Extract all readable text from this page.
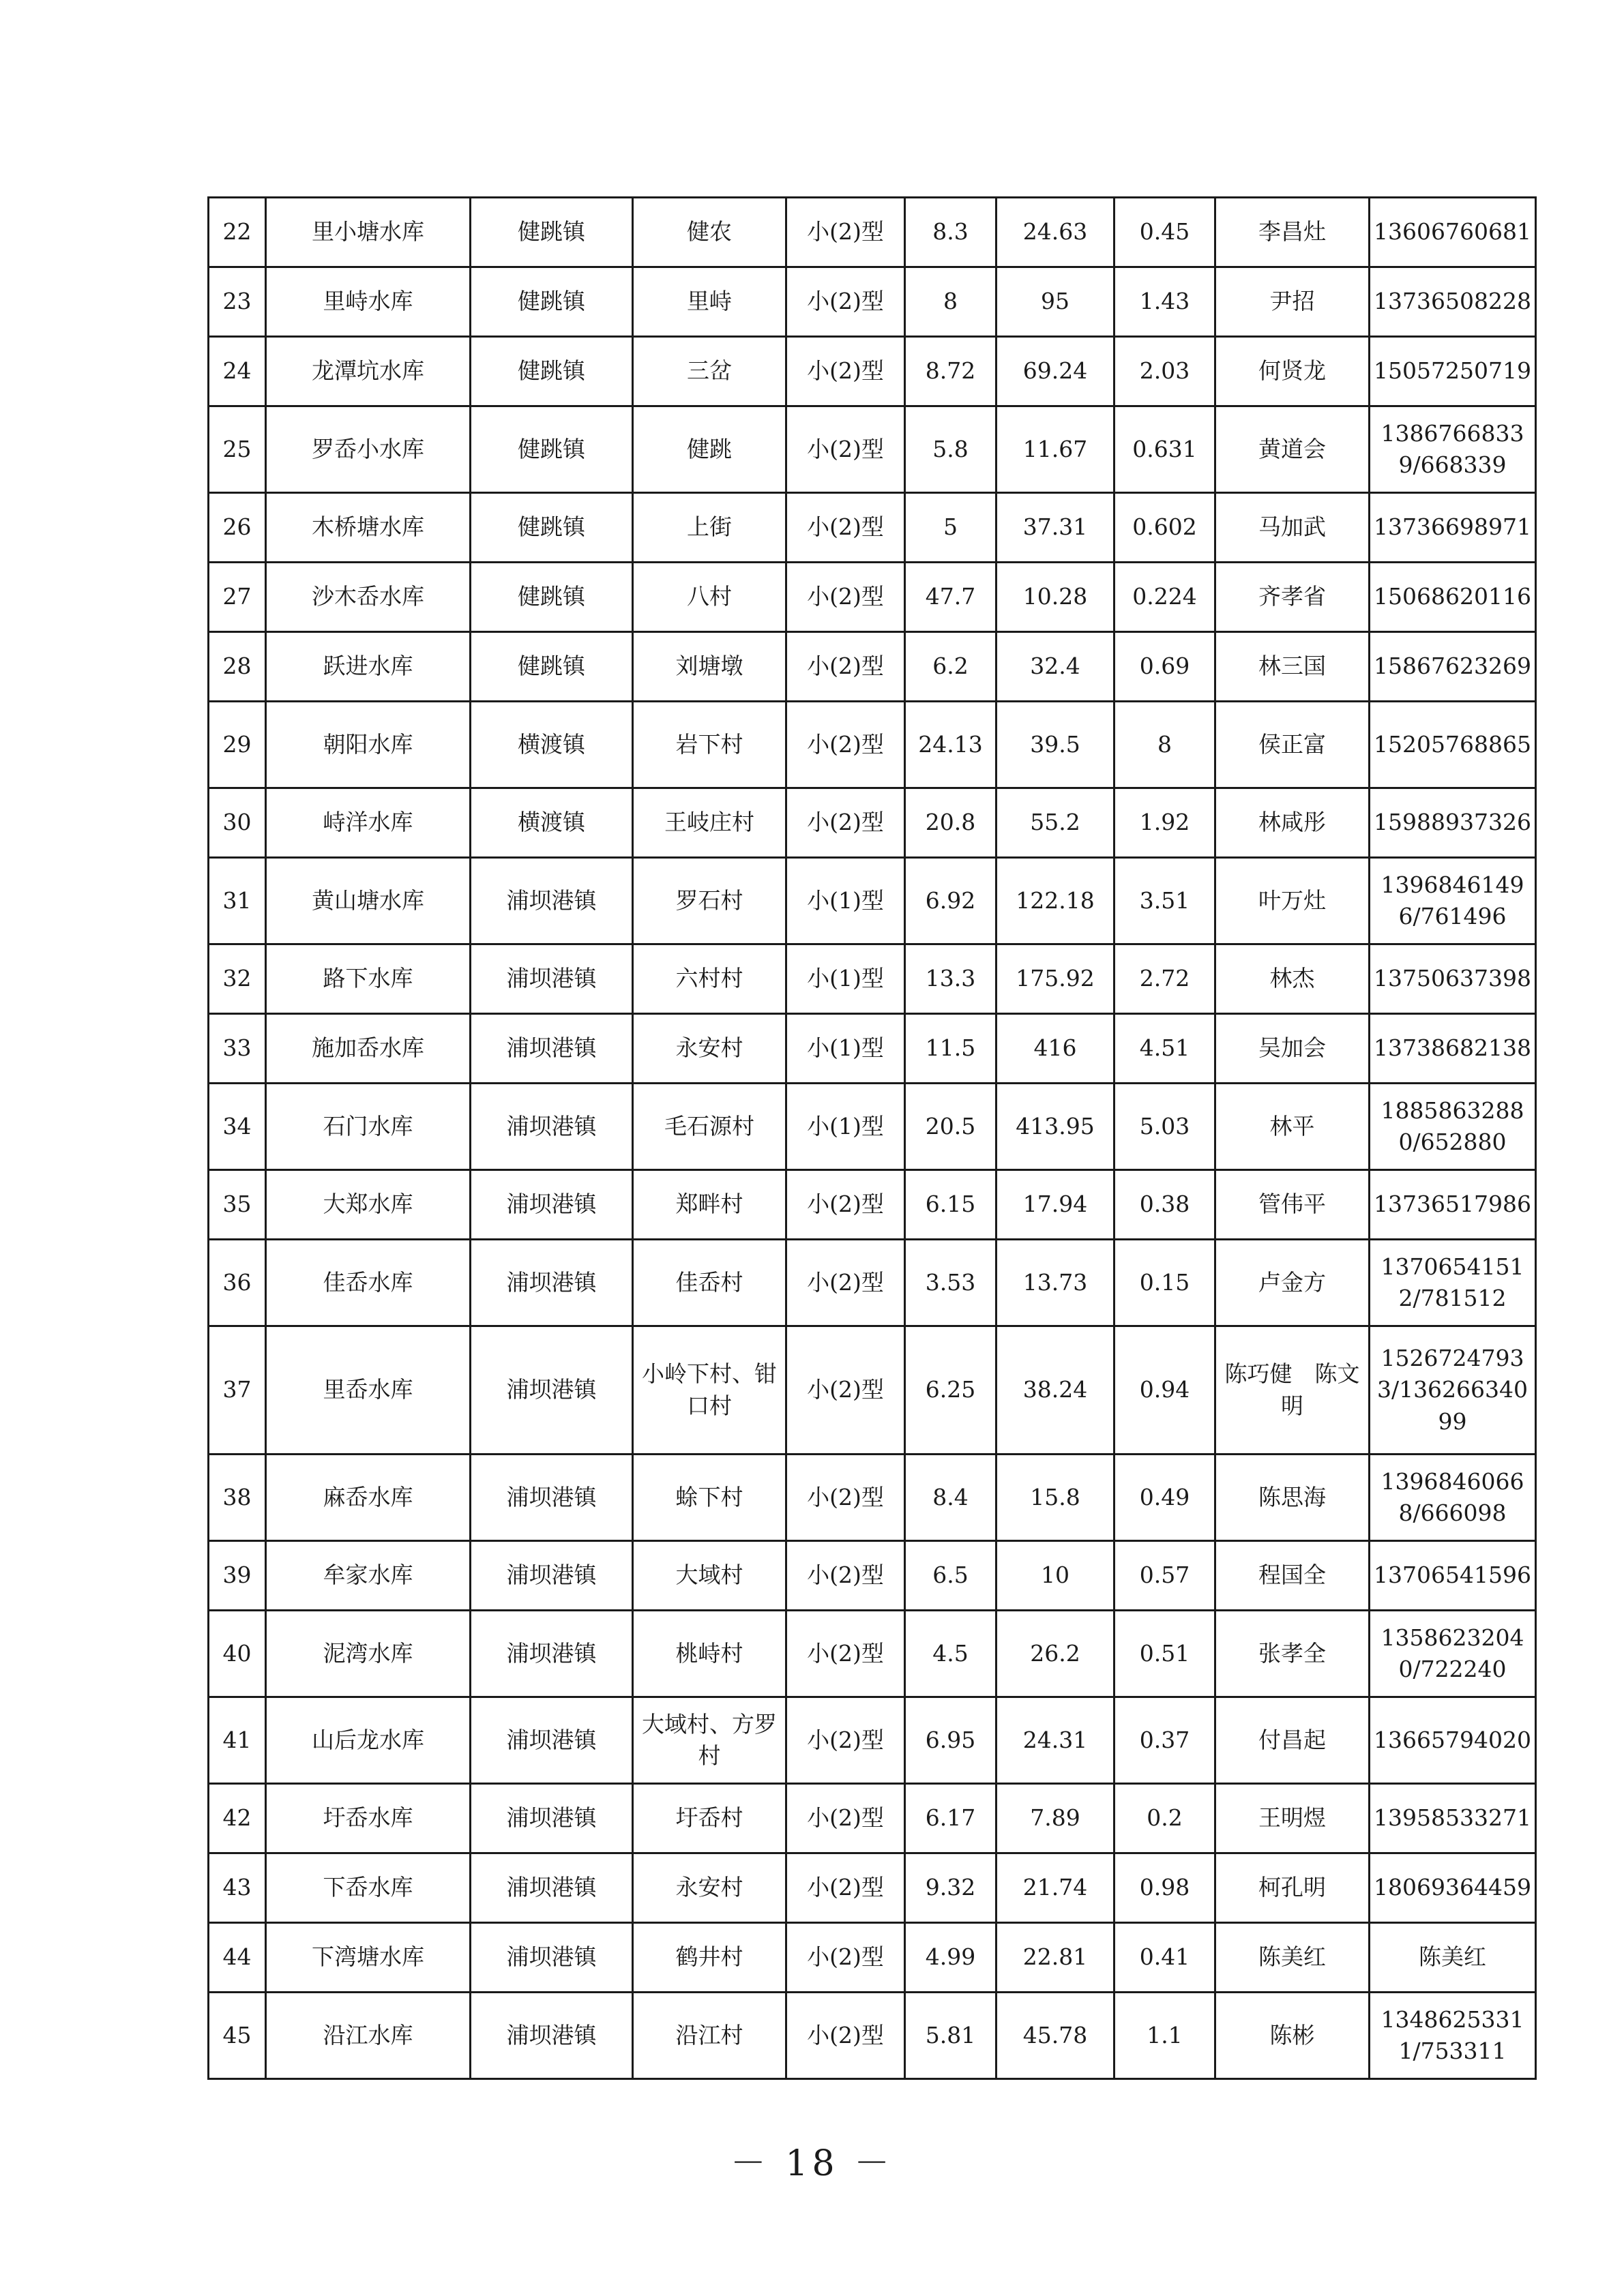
22	里小塘水库	健跳镇	健农	小(2)型	8.3	24.63	0.45	李昌灶	13606760681
23	里峙水库	健跳镇	里峙	小(2)型	8	95	1.43	尹招	13736508228
24	龙潭坑水库	健跳镇	三岔	小(2)型	8.72	69.24	2.03	何贤龙	15057250719
25	罗岙小水库	健跳镇	健跳	小(2)型	5.8	11.67	0.631	黄道会	13867668339/668339
26	木桥塘水库	健跳镇	上街	小(2)型	5	37.31	0.602	马加武	13736698971
27	沙木岙水库	健跳镇	八村	小(2)型	47.7	10.28	0.224	齐孝省	15068620116
28	跃进水库	健跳镇	刘塘墩	小(2)型	6.2	32.4	0.69	林三国	15867623269
29	朝阳水库	横渡镇	岩下村	小(2)型	24.13	39.5	8	侯正富	15205768865
30	峙洋水库	横渡镇	王岐庄村	小(2)型	20.8	55.2	1.92	林咸彤	15988937326
31	黄山塘水库	浦坝港镇	罗石村	小(1)型	6.92	122.18	3.51	叶万灶	13968461496/761496
32	路下水库	浦坝港镇	六村村	小(1)型	13.3	175.92	2.72	林杰	13750637398
33	施加岙水库	浦坝港镇	永安村	小(1)型	11.5	416	4.51	吴加会	13738682138
34	石门水库	浦坝港镇	毛石源村	小(1)型	20.5	413.95	5.03	林平	18858632880/652880
35	大郑水库	浦坝港镇	郑畔村	小(2)型	6.15	17.94	0.38	管伟平	13736517986
36	佳岙水库	浦坝港镇	佳岙村	小(2)型	3.53	13.73	0.15	卢金方	13706541512/781512
37	里岙水库	浦坝港镇	小岭下村、钳口村	小(2)型	6.25	38.24	0.94	陈巧健　陈文明	15267247933/13626634099
38	麻岙水库	浦坝港镇	蜍下村	小(2)型	8.4	15.8	0.49	陈思海	13968460668/666098
39	牟家水库	浦坝港镇	大域村	小(2)型	6.5	10	0.57	程国全	13706541596
40	泥湾水库	浦坝港镇	桃峙村	小(2)型	4.5	26.2	0.51	张孝全	13586232040/722240
41	山后龙水库	浦坝港镇	大域村、方罗村	小(2)型	6.95	24.31	0.37	付昌起	13665794020
42	圩岙水库	浦坝港镇	圩岙村	小(2)型	6.17	7.89	0.2	王明煜	13958533271
43	下岙水库	浦坝港镇	永安村	小(2)型	9.32	21.74	0.98	柯孔明	18069364459
44	下湾塘水库	浦坝港镇	鹤井村	小(2)型	4.99	22.81	0.41	陈美红	陈美红
45	沿江水库	浦坝港镇	沿江村	小(2)型	5.81	45.78	1.1	陈彬	13486253311/753311
－ 18 －
